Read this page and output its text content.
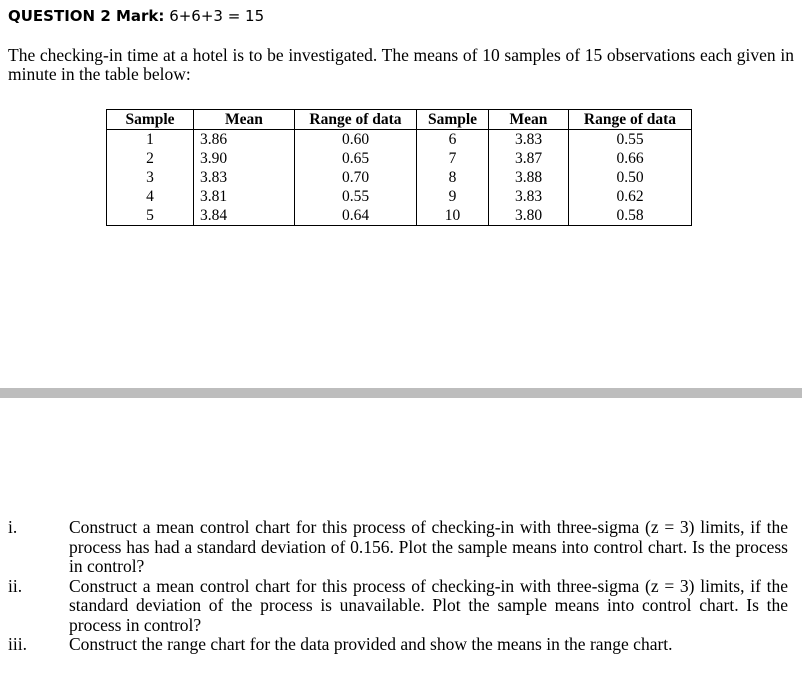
QUESTION 2 Mark: 6+6+3 = 15
The checking-in time at a hotel is to be investigated. The means of 10 samples of 15 observations each given in minute in the table below:
Sample	Mean	Range of data	Sample	Mean	Range of data
1	3.86	0.60	6	3.83	0.55
2	3.90	0.65	7	3.87	0.66
3	3.83	0.70	8	3.88	0.50
4	3.81	0.55	9	3.83	0.62
5	3.84	0.64	10	3.80	0.58
i.	Construct a mean control chart for this process of checking-in with three-sigma (z = 3) limits, if the process has had a standard deviation of 0.156. Plot the sample means into control chart. Is the process in control?
ii.	Construct a mean control chart for this process of checking-in with three-sigma (z = 3) limits, if the standard deviation of the process is unavailable. Plot the sample means into control chart. Is the process in control?
iii. Construct the range chart for the data provided and show the means in the range chart.
